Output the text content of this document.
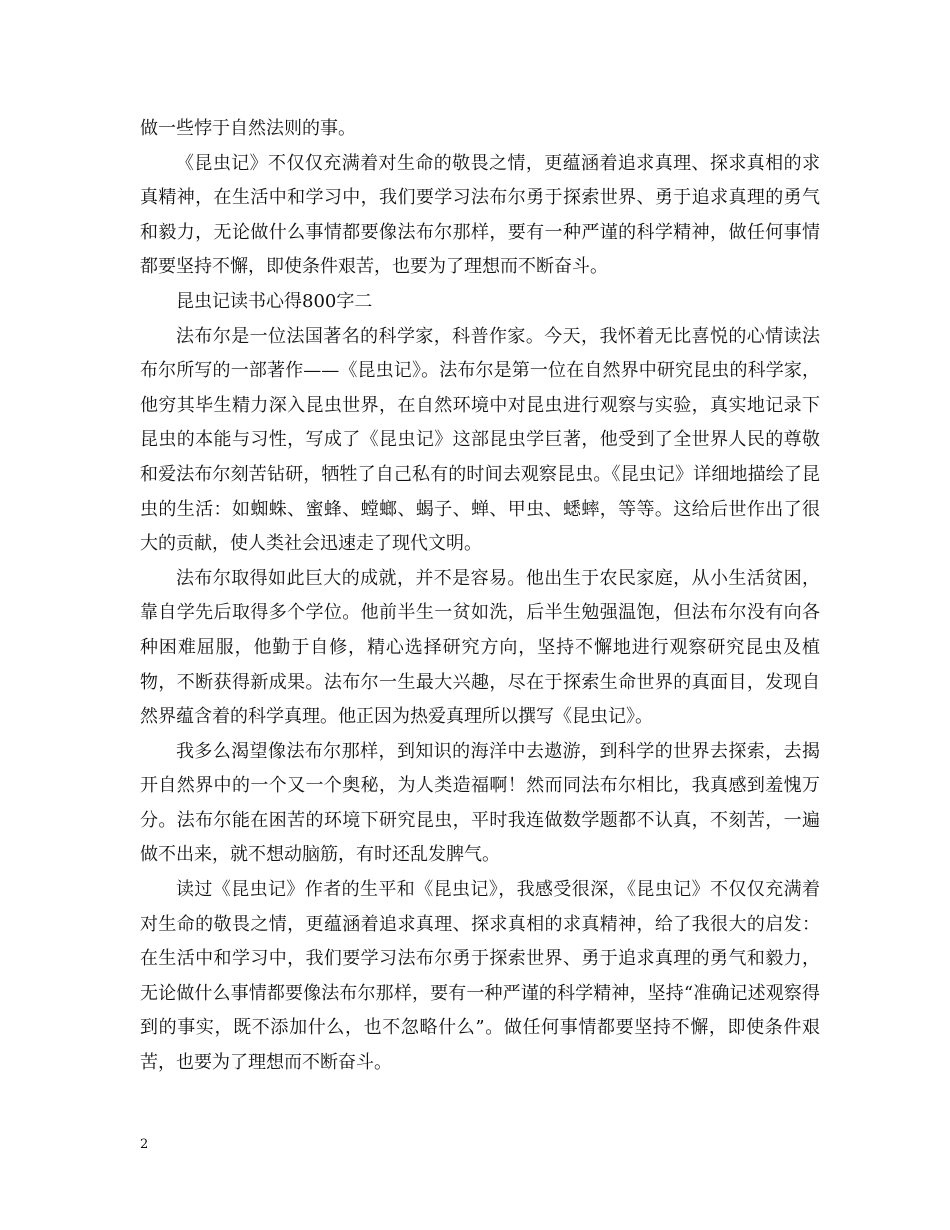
做一些悖于自然法则的事。

《昆虫记》不仅仅充满着对生命的敬畏之情，更蕴涵着追求真理、探求真相的求真精神，在生活中和学习中，我们要学习法布尔勇于探索世界、勇于追求真理的勇气和毅力，无论做什么事情都要像法布尔那样，要有一种严谨的科学精神，做任何事情都要坚持不懈，即使条件艰苦，也要为了理想而不断奋斗。

昆虫记读书心得800字二

法布尔是一位法国著名的科学家，科普作家。今天，我怀着无比喜悦的心情读法布尔所写的一部著作——《昆虫记》。法布尔是第一位在自然界中研究昆虫的科学家，他穷其毕生精力深入昆虫世界，在自然环境中对昆虫进行观察与实验，真实地记录下昆虫的本能与习性，写成了《昆虫记》这部昆虫学巨著，他受到了全世界人民的尊敬和爱法布尔刻苦钻研，牺牲了自己私有的时间去观察昆虫。《昆虫记》详细地描绘了昆虫的生活：如蜘蛛、蜜蜂、螳螂、蝎子、蝉、甲虫、蟋蟀，等等。这给后世作出了很大的贡献，使人类社会迅速走了现代文明。

法布尔取得如此巨大的成就，并不是容易。他出生于农民家庭，从小生活贫困，靠自学先后取得多个学位。他前半生一贫如洗，后半生勉强温饱，但法布尔没有向各种困难屈服，他勤于自修，精心选择研究方向，坚持不懈地进行观察研究昆虫及植物，不断获得新成果。法布尔一生最大兴趣，尽在于探索生命世界的真面目，发现自然界蕴含着的科学真理。他正因为热爱真理所以撰写《昆虫记》。

我多么渴望像法布尔那样，到知识的海洋中去遨游，到科学的世界去探索，去揭开自然界中的一个又一个奥秘，为人类造福啊！然而同法布尔相比，我真感到羞愧万分。法布尔能在困苦的环境下研究昆虫，平时我连做数学题都不认真，不刻苦，一遍做不出来，就不想动脑筋，有时还乱发脾气。

读过《昆虫记》作者的生平和《昆虫记》，我感受很深，《昆虫记》不仅仅充满着对生命的敬畏之情，更蕴涵着追求真理、探求真相的求真精神，给了我很大的启发：在生活中和学习中，我们要学习法布尔勇于探索世界、勇于追求真理的勇气和毅力，无论做什么事情都要像法布尔那样，要有一种严谨的科学精神，坚持“准确记述观察得到的事实，既不添加什么，也不忽略什么”。做任何事情都要坚持不懈，即使条件艰苦，也要为了理想而不断奋斗。

2
